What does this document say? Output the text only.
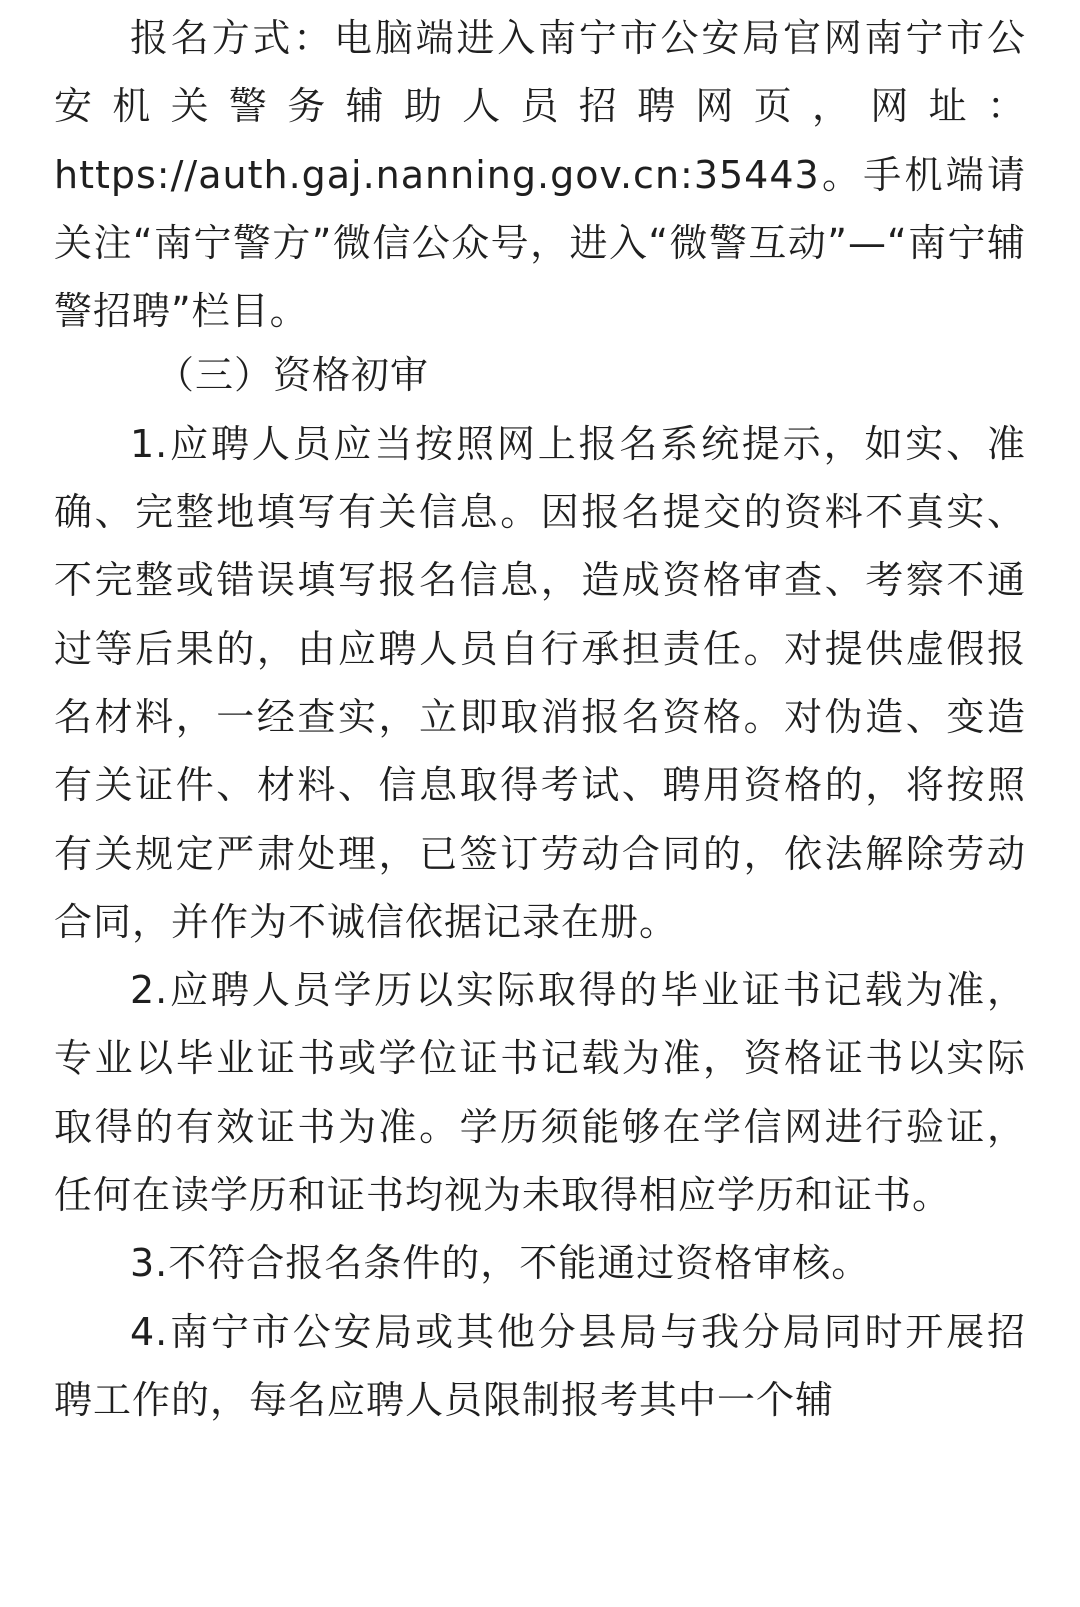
报名方式：电脑端进入南宁市公安局官网南宁市公安机关警务辅助人员招聘网页，网址：https://auth.gaj.nanning.gov.cn:35443。手机端请关注“南宁警方”微信公众号，进入“微警互动”—“南宁辅警招聘”栏目。

（三）资格初审

1.应聘人员应当按照网上报名系统提示，如实、准确、完整地填写有关信息。因报名提交的资料不真实、不完整或错误填写报名信息，造成资格审查、考察不通过等后果的，由应聘人员自行承担责任。对提供虚假报名材料，一经查实，立即取消报名资格。对伪造、变造有关证件、材料、信息取得考试、聘用资格的，将按照有关规定严肃处理，已签订劳动合同的，依法解除劳动合同，并作为不诚信依据记录在册。

2.应聘人员学历以实际取得的毕业证书记载为准，专业以毕业证书或学位证书记载为准，资格证书以实际取得的有效证书为准。学历须能够在学信网进行验证，任何在读学历和证书均视为未取得相应学历和证书。

3.不符合报名条件的，不能通过资格审核。

4.南宁市公安局或其他分县局与我分局同时开展招聘工作的，每名应聘人员限制报考其中一个辅
